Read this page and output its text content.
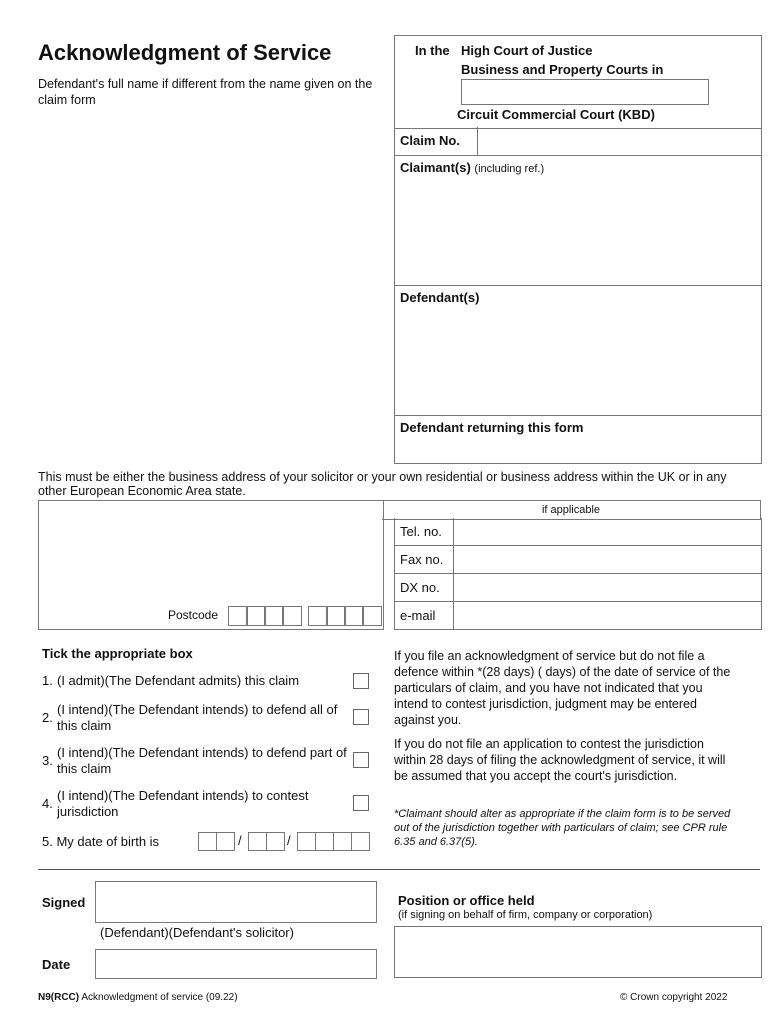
Acknowledgment of Service
Defendant's full name if different from the name given on the claim form
In the High Court of Justice
Business and Property Courts in
Circuit Commercial Court (KBD)
Claim No.
Claimant(s) (including ref.)
Defendant(s)
Defendant returning this form
This must be either the business address of your solicitor or your own residential or business address within the UK or in any other European Economic Area state.
if applicable
Tel. no.
Fax no.
DX no.
e-mail
Postcode
Tick the appropriate box
1. (I admit)(The Defendant admits) this claim
2.
(I intend)(The Defendant intends) to defend all of this claim
3.
(I intend)(The Defendant intends) to defend part of this claim
4.
(I intend)(The Defendant intends) to contest jurisdiction
5. My date of birth is	/	/
If you file an acknowledgment of service but do not file a defence within *(28 days) ( days) of the date of service of the particulars of claim, and you have not indicated that you intend to contest jurisdiction, judgment may be entered against you.
If you do not file an application to contest the jurisdiction within 28 days of filing the acknowledgment of service, it will be assumed that you accept the court's jurisdiction.
*Claimant should alter as appropriate if the claim form is to be served out of the jurisdiction together with particulars of claim; see CPR rule 6.35 and 6.37(5).
Signed
(Defendant)(Defendant's solicitor)
Date
Position or office held
(if signing on behalf of firm, company or corporation)
N9(RCC) Acknowledgment of service (09.22)	© Crown copyright 2022
